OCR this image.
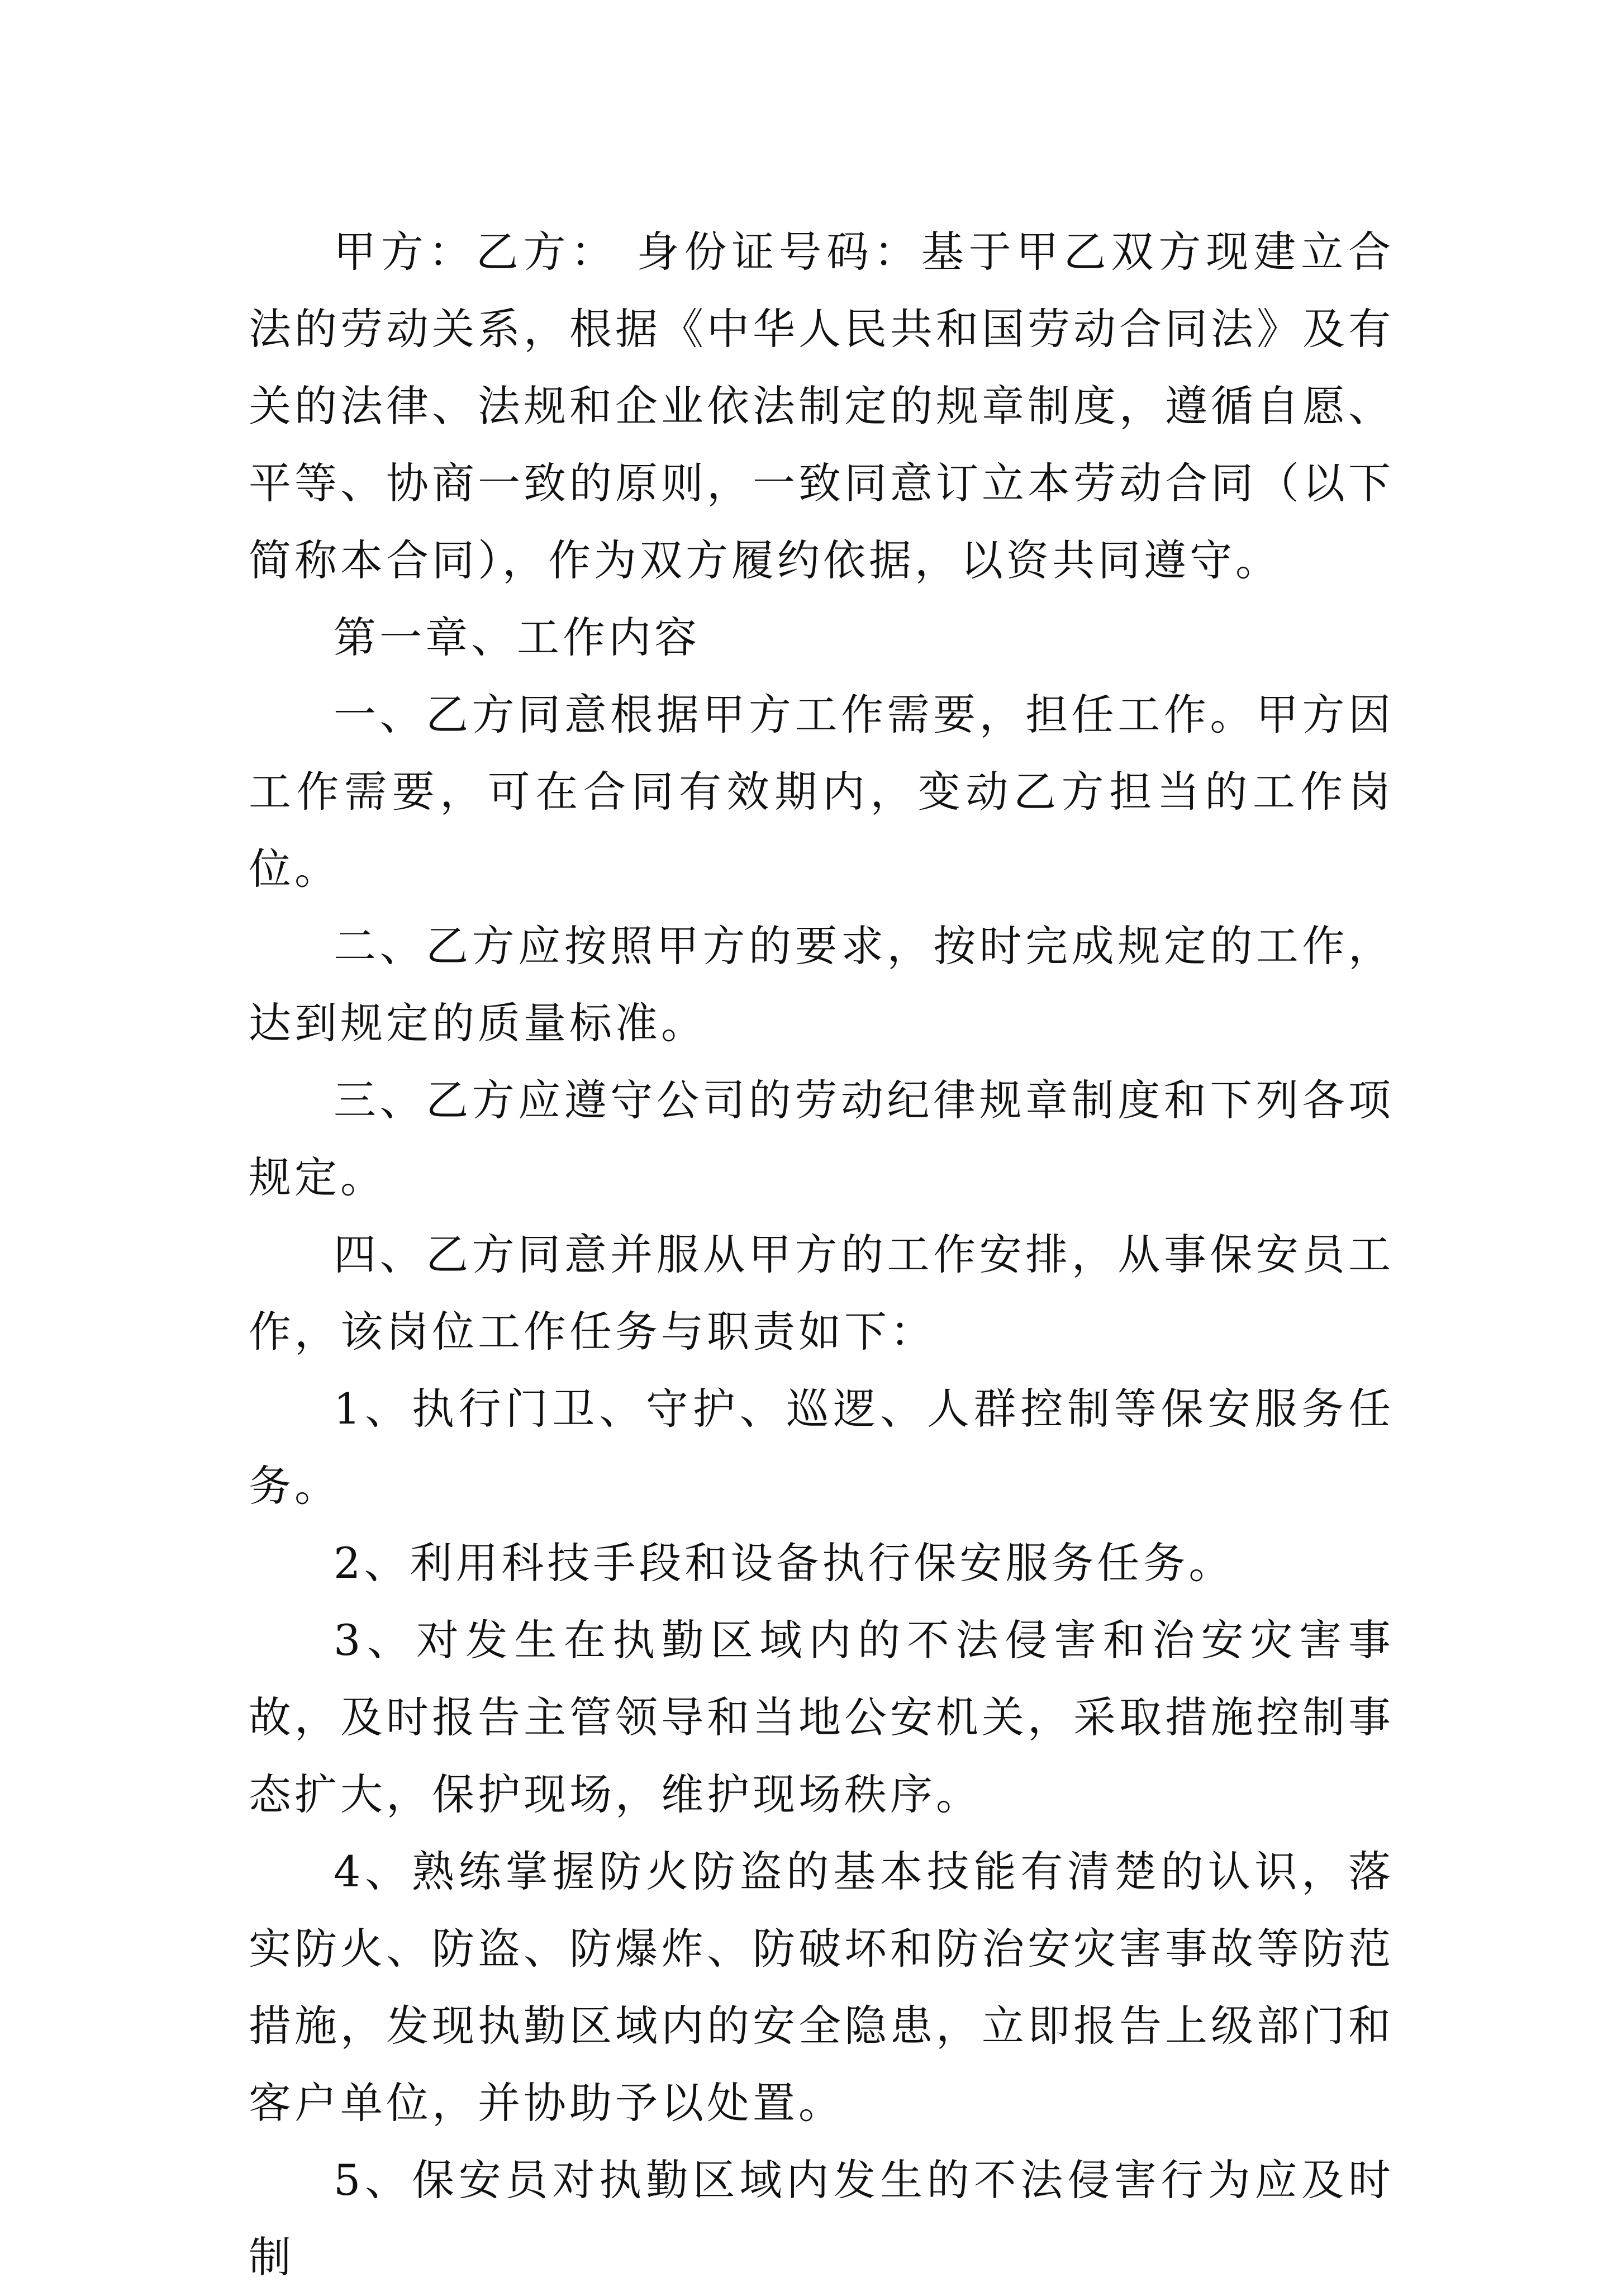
甲方：乙方： 身份证号码：基于甲乙双方现建立合法的劳动关系，根据《中华人民共和国劳动合同法》及有关的法律、法规和企业依法制定的规章制度，遵循自愿、平等、协商一致的原则，一致同意订立本劳动合同（以下简称本合同），作为双方履约依据，以资共同遵守。

第一章、工作内容

一、乙方同意根据甲方工作需要，担任工作。甲方因工作需要，可在合同有效期内，变动乙方担当的工作岗位。

二、乙方应按照甲方的要求，按时完成规定的工作，达到规定的质量标准。

三、乙方应遵守公司的劳动纪律规章制度和下列各项规定。

四、乙方同意并服从甲方的工作安排，从事保安员工作，该岗位工作任务与职责如下：

1、执行门卫、守护、巡逻、人群控制等保安服务任务。

2、利用科技手段和设备执行保安服务任务。

3、对发生在执勤区域内的不法侵害和治安灾害事故，及时报告主管领导和当地公安机关，采取措施控制事态扩大，保护现场，维护现场秩序。

4、熟练掌握防火防盗的基本技能有清楚的认识，落实防火、防盗、防爆炸、防破坏和防治安灾害事故等防范措施，发现执勤区域内的安全隐患，立即报告上级部门和客户单位，并协助予以处置。

5、保安员对执勤区域内发生的不法侵害行为应及时制
